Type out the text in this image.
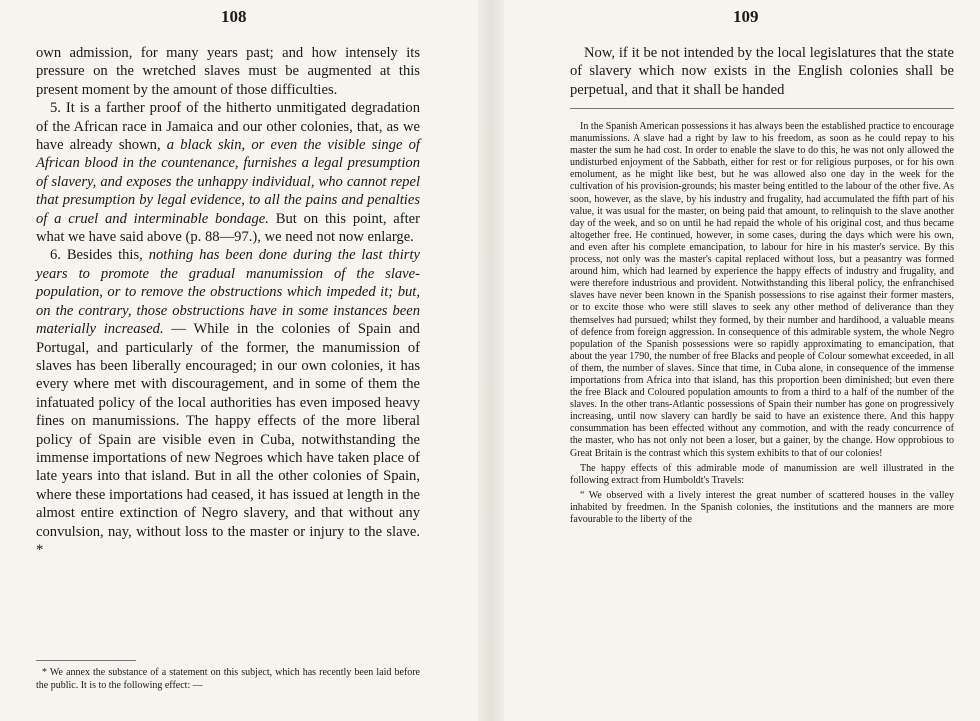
108

own admission, for many years past; and how intensely its pressure on the wretched slaves must be augmented at this present moment by the amount of those difficulties.

5. It is a farther proof of the hitherto unmitigated degradation of the African race in Jamaica and our other colonies, that, as we have already shown, a black skin, or even the visible singe of African blood in the countenance, furnishes a legal presumption of slavery, and exposes the unhappy individual, who cannot repel that presumption by legal evidence, to all the pains and penalties of a cruel and interminable bondage. But on this point, after what we have said above (p. 88—97.), we need not now enlarge.

6. Besides this, nothing has been done during the last thirty years to promote the gradual manumission of the slave-population, or to remove the obstructions which impeded it; but, on the contrary, those obstructions have in some instances been materially increased. — While in the colonies of Spain and Portugal, and particularly of the former, the manumission of slaves has been liberally encouraged; in our own colonies, it has every where met with discouragement, and in some of them the infatuated policy of the local authorities has even imposed heavy fines on manumissions. The happy effects of the more liberal policy of Spain are visible even in Cuba, notwithstanding the immense importations of new Negroes which have taken place of late years into that island. But in all the other colonies of Spain, where these importations had ceased, it has issued at length in the almost entire extinction of Negro slavery, and that without any convulsion, nay, without loss to the master or injury to the slave. *

* We annex the substance of a statement on this subject, which has recently been laid before the public. It is to the following effect: —
109

Now, if it be not intended by the local legislatures that the state of slavery which now exists in the English colonies shall be perpetual, and that it shall be handed

In the Spanish American possessions it has always been the established practice to encourage manumissions. A slave had a right by law to his freedom, as soon as he could repay to his master the sum he had cost. In order to enable the slave to do this, he was not only allowed the undisturbed enjoyment of the Sabbath, either for rest or for religious purposes, or for his own emolument, as he might like best, but he was allowed also one day in the week for the cultivation of his provision-grounds; his master being entitled to the labour of the other five. As soon, however, as the slave, by his industry and frugality, had accumulated the fifth part of his value, it was usual for the master, on being paid that amount, to relinquish to the slave another day of the week, and so on until he had repaid the whole of his original cost, and thus became altogether free. He continued, however, in some cases, during the days which were his own, and even after his complete emancipation, to labour for hire in his master's service. By this process, not only was the master's capital replaced without loss, but a peasantry was formed around him, which had learned by experience the happy effects of industry and frugality, and were therefore industrious and provident. Notwithstanding this liberal policy, the enfranchised slaves have never been known in the Spanish possessions to rise against their former masters, or to excite those who were still slaves to seek any other method of deliverance than they themselves had pursued; whilst they formed, by their number and hardihood, a valuable means of defence from foreign aggression. In consequence of this admirable system, the whole Negro population of the Spanish possessions were so rapidly approximating to emancipation, that about the year 1790, the number of free Blacks and people of Colour somewhat exceeded, in all of them, the number of slaves. Since that time, in Cuba alone, in consequence of the immense importations from Africa into that island, has this proportion been diminished; but even there the free Black and Coloured population amounts to from a third to a half of the number of the slaves. In the other trans-Atlantic possessions of Spain their number has gone on progressively increasing, until now slavery can hardly be said to have an existence there. And this happy consummation has been effected without any commotion, and with the ready concurrence of the master, who has not only not been a loser, but a gainer, by the change. How opprobious to Great Britain is the contrast which this system exhibits to that of our colonies!

The happy effects of this admirable mode of manumission are well illustrated in the following extract from Humboldt's Travels:

“ We observed with a lively interest the great number of scattered houses in the valley inhabited by freedmen. In the Spanish colonies, the institutions and the manners are more favourable to the liberty of the
